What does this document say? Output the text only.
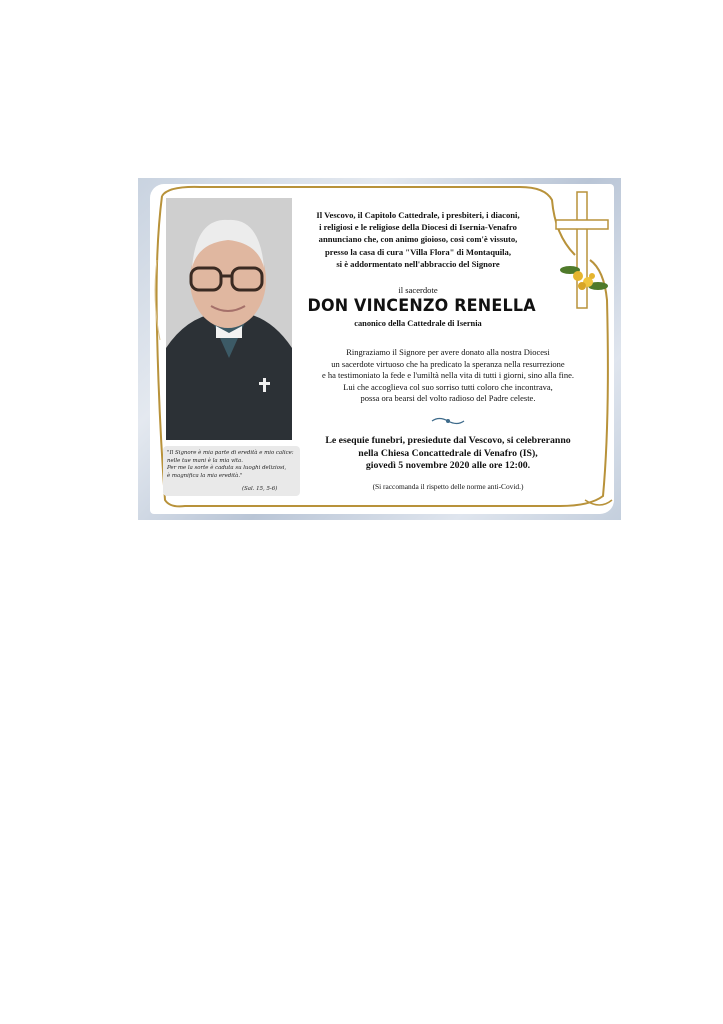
"Il Signore è mia parte di eredità e mio calice:
nelle tue mani è la mia vita.
Per me la sorte è caduta su luoghi deliziosi,
è magnifica la mia eredità."
(Sal. 15, 5-6)
Il Vescovo, il Capitolo Cattedrale, i presbiteri, i diaconi,
i religiosi e le religiose della Diocesi di Isernia-Venafro
annunciano che, con animo gioioso, così com'è vissuto,
presso la casa di cura "Villa Flora" di Montaquila,
si è addormentato nell'abbraccio del Signore
il sacerdote
DON VINCENZO RENELLA
canonico della Cattedrale di Isernia
Ringraziamo il Signore per avere donato alla nostra Diocesi
un sacerdote virtuoso che ha predicato la speranza nella resurrezione
e ha testimoniato la fede e l'umiltà nella vita di tutti i giorni, sino alla fine.
Lui che accoglieva col suo sorriso tutti coloro che incontrava,
possa ora bearsi del volto radioso del Padre celeste.
Le esequie funebri, presiedute dal Vescovo, si celebreranno
nella Chiesa Concattedrale di Venafro (IS),
giovedì 5 novembre 2020 alle ore 12:00.
(Si raccomanda il rispetto delle norme anti-Covid.)
